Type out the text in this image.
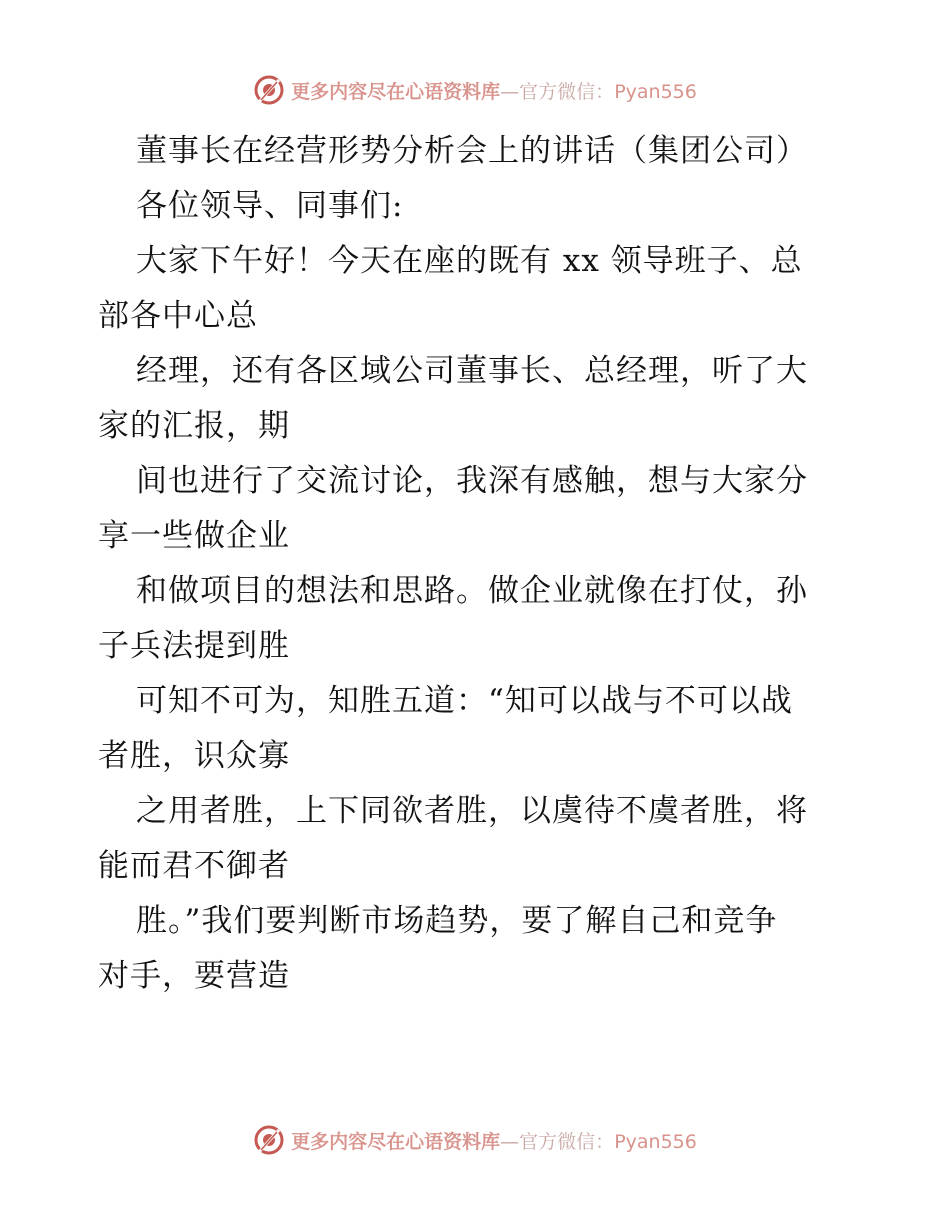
更多内容尽在心语资料库—官方微信：Pyan556
董事长在经营形势分析会上的讲话（集团公司）
各位领导、同事们:
大家下午好！今天在座的既有 xx 领导班子、总
部各中心总
经理，还有各区域公司董事长、总经理，听了大
家的汇报，期
间也进行了交流讨论，我深有感触，想与大家分
享一些做企业
和做项目的想法和思路。做企业就像在打仗，孙
子兵法提到胜
可知不可为，知胜五道：“知可以战与不可以战
者胜，识众寡
之用者胜，上下同欲者胜，以虞待不虞者胜，将
能而君不御者
胜。”我们要判断市场趋势，要了解自己和竞争
对手，要营造
更多内容尽在心语资料库—官方微信：Pyan556
